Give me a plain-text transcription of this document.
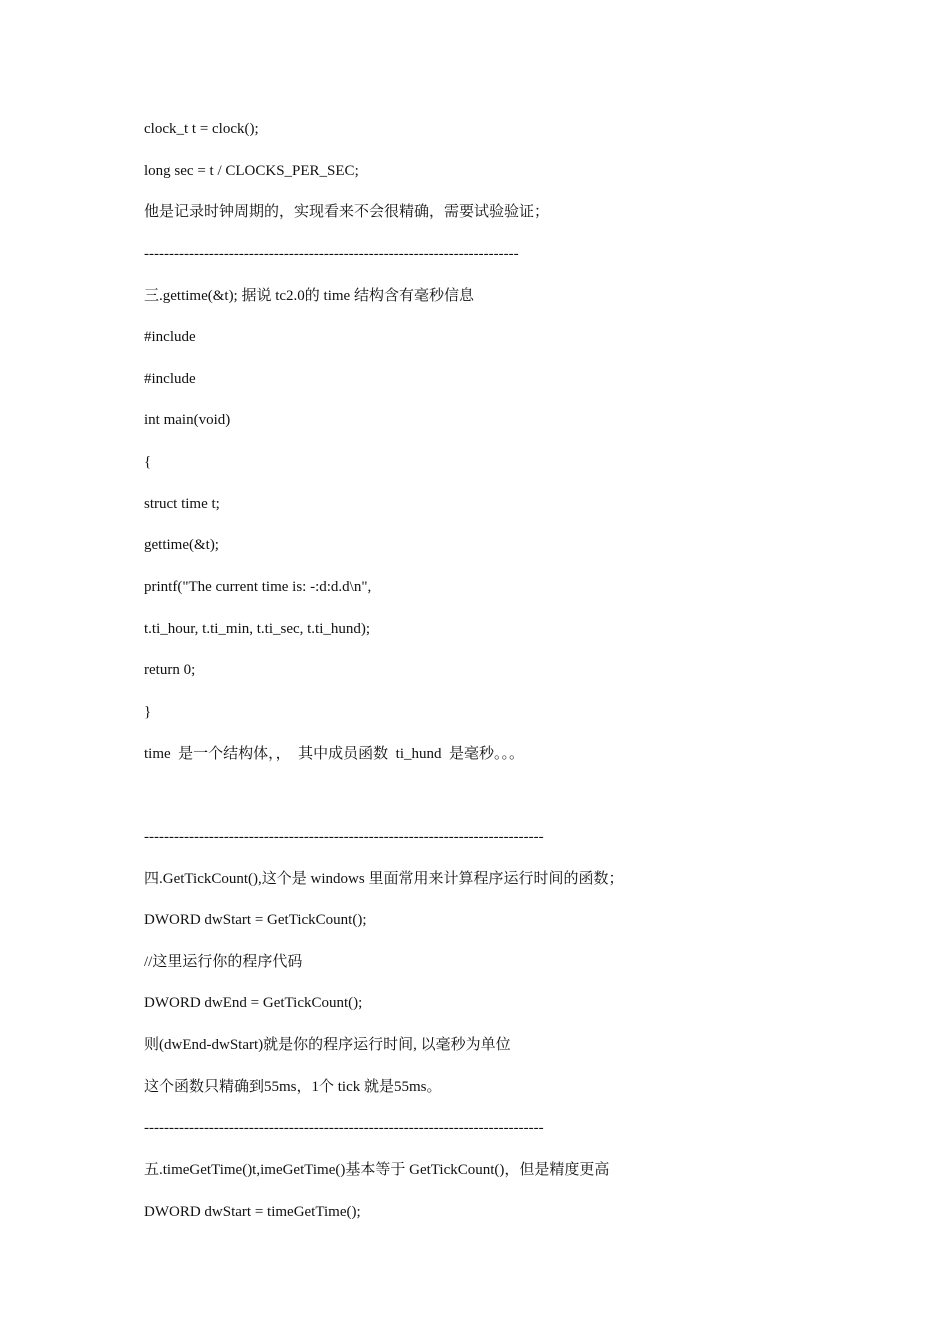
clock_t t = clock();
long sec = t / CLOCKS_PER_SEC;
他是记录时钟周期的，实现看来不会很精确，需要试验验证；
---------------------------------------------------------------------------
三.gettime(&t); 据说 tc2.0的 time 结构含有毫秒信息
#include
#include
int main(void)
{
struct time t;
gettime(&t);
printf("The current time is: -:d:d.d\n",
t.ti_hour, t.ti_min, t.ti_sec, t.ti_hund);
return 0;
}
time  是一个结构体，，  其中成员函数  ti_hund  是毫秒。。。
--------------------------------------------------------------------------------
四.GetTickCount(),这个是 windows 里面常用来计算程序运行时间的函数；
DWORD dwStart = GetTickCount();
//这里运行你的程序代码
DWORD dwEnd = GetTickCount();
则(dwEnd-dwStart)就是你的程序运行时间, 以毫秒为单位
这个函数只精确到55ms，1个 tick 就是55ms。
--------------------------------------------------------------------------------
五.timeGetTime()t,imeGetTime()基本等于 GetTickCount()，但是精度更高
DWORD dwStart = timeGetTime();
